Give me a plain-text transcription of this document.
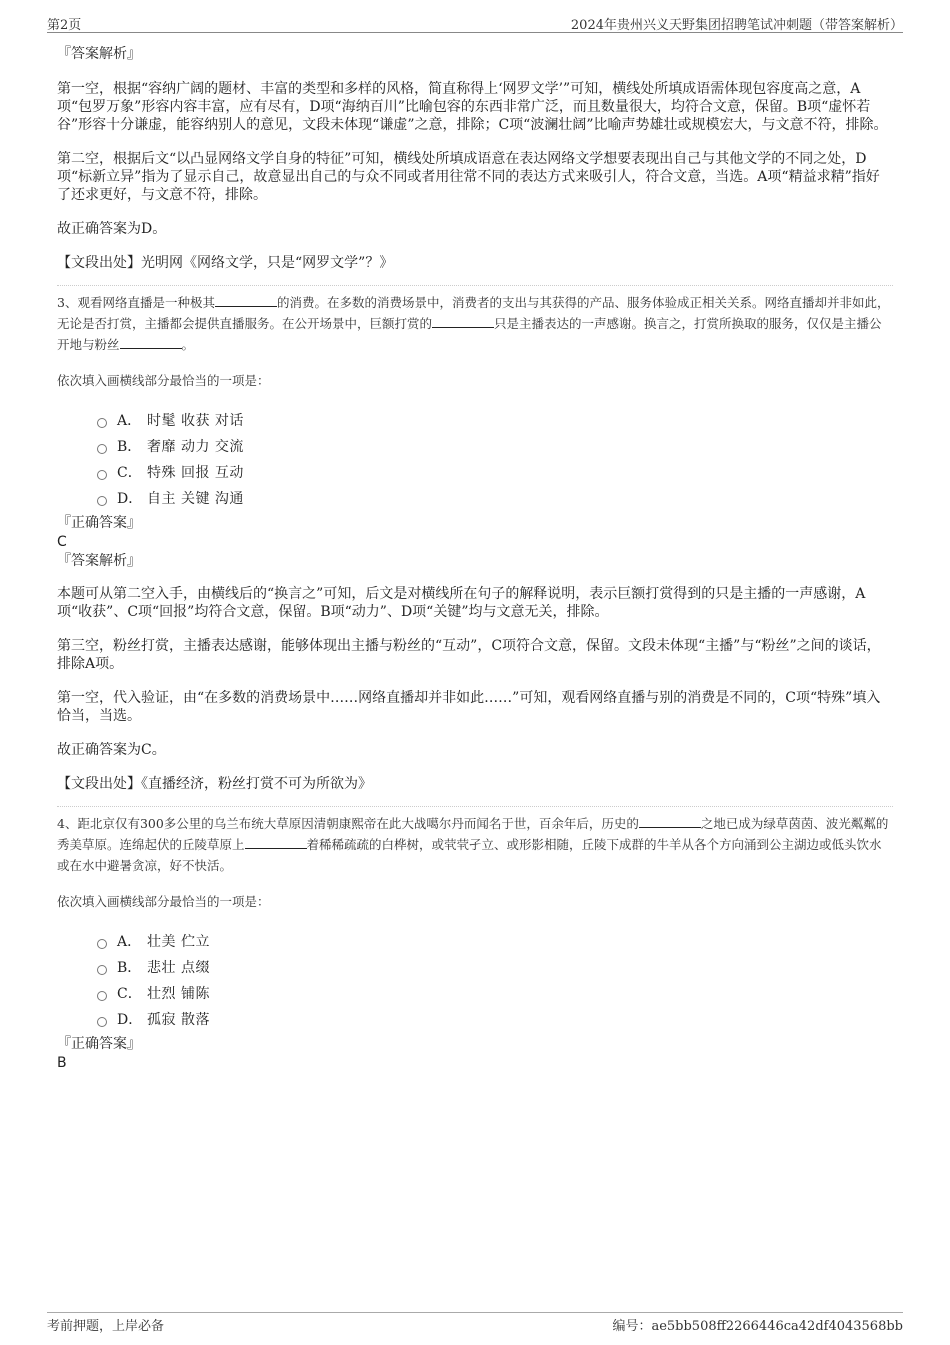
第2页	2024年贵州兴义天野集团招聘笔试冲刺题（带答案解析）

『答案解析』

第一空，根据“容纳广阔的题材、丰富的类型和多样的风格，简直称得上‘网罗文学’”可知，横线处所填成语需体现包容度高之意，A项“包罗万象”形容内容丰富，应有尽有，D项“海纳百川”比喻包容的东西非常广泛，而且数量很大，均符合文意，保留。B项“虚怀若谷”形容十分谦虚，能容纳别人的意见，文段未体现“谦虚”之意，排除；C项“波澜壮阔”比喻声势雄壮或规模宏大，与文意不符，排除。

第二空，根据后文“以凸显网络文学自身的特征”可知，横线处所填成语意在表达网络文学想要表现出自己与其他文学的不同之处，D项“标新立异”指为了显示自己，故意显出自己的与众不同或者用往常不同的表达方式来吸引人，符合文意，当选。A项“精益求精”指好了还求更好，与文意不符，排除。

故正确答案为D。

【文段出处】光明网《网络文学，只是“网罗文学”？》

3、观看网络直播是一种极其	的消费。在多数的消费场景中，消费者的支出与其获得的产品、服务体验成正相关关系。网络直播却并非如此，无论是否打赏，主播都会提供直播服务。在公开场景中，巨额打赏的	只是主播表达的一声感谢。换言之，打赏所换取的服务，仅仅是主播公开地与粉丝	。

依次填入画横线部分最恰当的一项是：

A． 时髦 收获 对话
B． 奢靡 动力 交流
C． 特殊 回报 互动
D． 自主 关键 沟通

『正确答案』

C

『答案解析』

本题可从第二空入手，由横线后的“换言之”可知，后文是对横线所在句子的解释说明，表示巨额打赏得到的只是主播的一声感谢，A项“收获”、C项“回报”均符合文意，保留。B项“动力”、D项“关键”均与文意无关，排除。

第三空，粉丝打赏，主播表达感谢，能够体现出主播与粉丝的“互动”，C项符合文意，保留。文段未体现“主播”与“粉丝”之间的谈话，排除A项。

第一空，代入验证，由“在多数的消费场景中……网络直播却并非如此……”可知，观看网络直播与别的消费是不同的，C项“特殊”填入恰当，当选。

故正确答案为C。

【文段出处】《直播经济，粉丝打赏不可为所欲为》

4、距北京仅有300多公里的乌兰布统大草原因清朝康熙帝在此大战噶尔丹而闻名于世，百余年后，历史的	之地已成为绿草茵茵、波光粼粼的秀美草原。连绵起伏的丘陵草原上	着稀稀疏疏的白桦树，或茕茕孑立、或形影相随，丘陵下成群的牛羊从各个方向涌到公主湖边或低头饮水或在水中避暑贪凉，好不快活。

依次填入画横线部分最恰当的一项是：

A． 壮美 伫立
B． 悲壮 点缀
C． 壮烈 铺陈
D． 孤寂 散落

『正确答案』

B

考前押题，上岸必备	编号：ae5bb508ff2266446ca42df4043568bb
